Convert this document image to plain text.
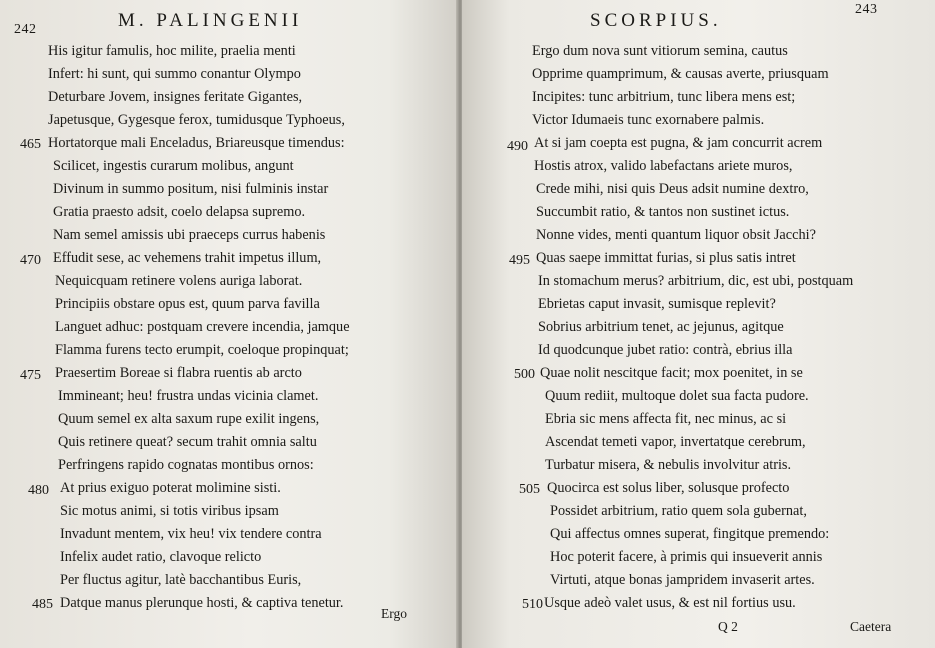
242	M. PALINGENII
His igitur famulis, hoc milite, praelia menti
Infert: hi sunt, qui summo conantur Olympo
Deturbare Jovem, insignes feritate Gigantes,
Japetusque, Gygesque ferox, tumidusque Typhoeus,
465 Hortatorque mali Enceladus, Briareusque timendus:
Scilicet, ingestis curarum molibus, angunt
Divinum in summo positum, nisi fulminis instar
Gratia praesto adsit, coelo delapsa supremo.
Nam semel amissis ubi praeceps currus habenis
470 Effudit sese, ac vehemens trahit impetus illum,
Nequicquam retinere volens auriga laborat.
Principiis obstare opus est, quum parva favilla
Languet adhuc: postquam crevere incendia, jamque
Flamma furens tecto erumpit, coeloque propinquat;
475 Praesertim Boreae si flabra ruentis ab arcto
Immineant; heu! frustra undas vicinia clamet.
Quum semel ex alta saxum rupe exilit ingens,
Quis retinere queat? secum trahit omnia saltu
Perfringens rapido cognatas montibus ornos:
480 At prius exiguo poterat molimine sisti.
Sic motus animi, si totis viribus ipsam
Invadunt mentem, vix heu! vix tendere contra
Infelix audet ratio, clavoque relicto
Per fluctus agitur, latè bacchantibus Euris,
485 Datque manus plerunque hosti, & captiva tenetur.
Ergo
SCORPIUS.
243
Ergo dum nova sunt vitiorum semina, cautus
Opprime quamprimum, & causas averte, priusquam
Incipites: tunc arbitrium, tunc libera mens est;
Victor Idumaeis tunc exornabere palmis.
490 At si jam coepta est pugna, & jam concurrit acrem
Hostis atrox, valido labefactans ariete muros,
Crede mihi, nisi quis Deus adsit numine dextro,
Succumbit ratio, & tantos non sustinet ictus.
Nonne vides, menti quantum liquor obsit Jacchi?
495 Quas saepe immittat furias, si plus satis intret
In stomachum merus? arbitrium, dic, est ubi, postquam
Ebrietas caput invasit, sumisque replevit?
Sobrius arbitrium tenet, ac jejunus, agitque
Id quodcunque jubet ratio: contrà, ebrius illa
500 Quae nolit nescitque facit; mox poenitet, in se
Quum rediit, multoque dolet sua facta pudore.
Ebria sic mens affecta fit, nec minus, ac si
Ascendat temeti vapor, invertatque cerebrum,
Turbatur misera, & nebulis involvitur atris.
505 Quocirca est solus liber, solusque profecto
Possidet arbitrium, ratio quem sola gubernat,
Qui affectus omnes superat, fingitque premendo:
Hoc poterit facere, à primis qui insueverit annis
Virtuti, atque bonas jampridem invaserit artes.
510 Usque adeò valet usus, & est nil fortius usu.
Q 2	Caetera
